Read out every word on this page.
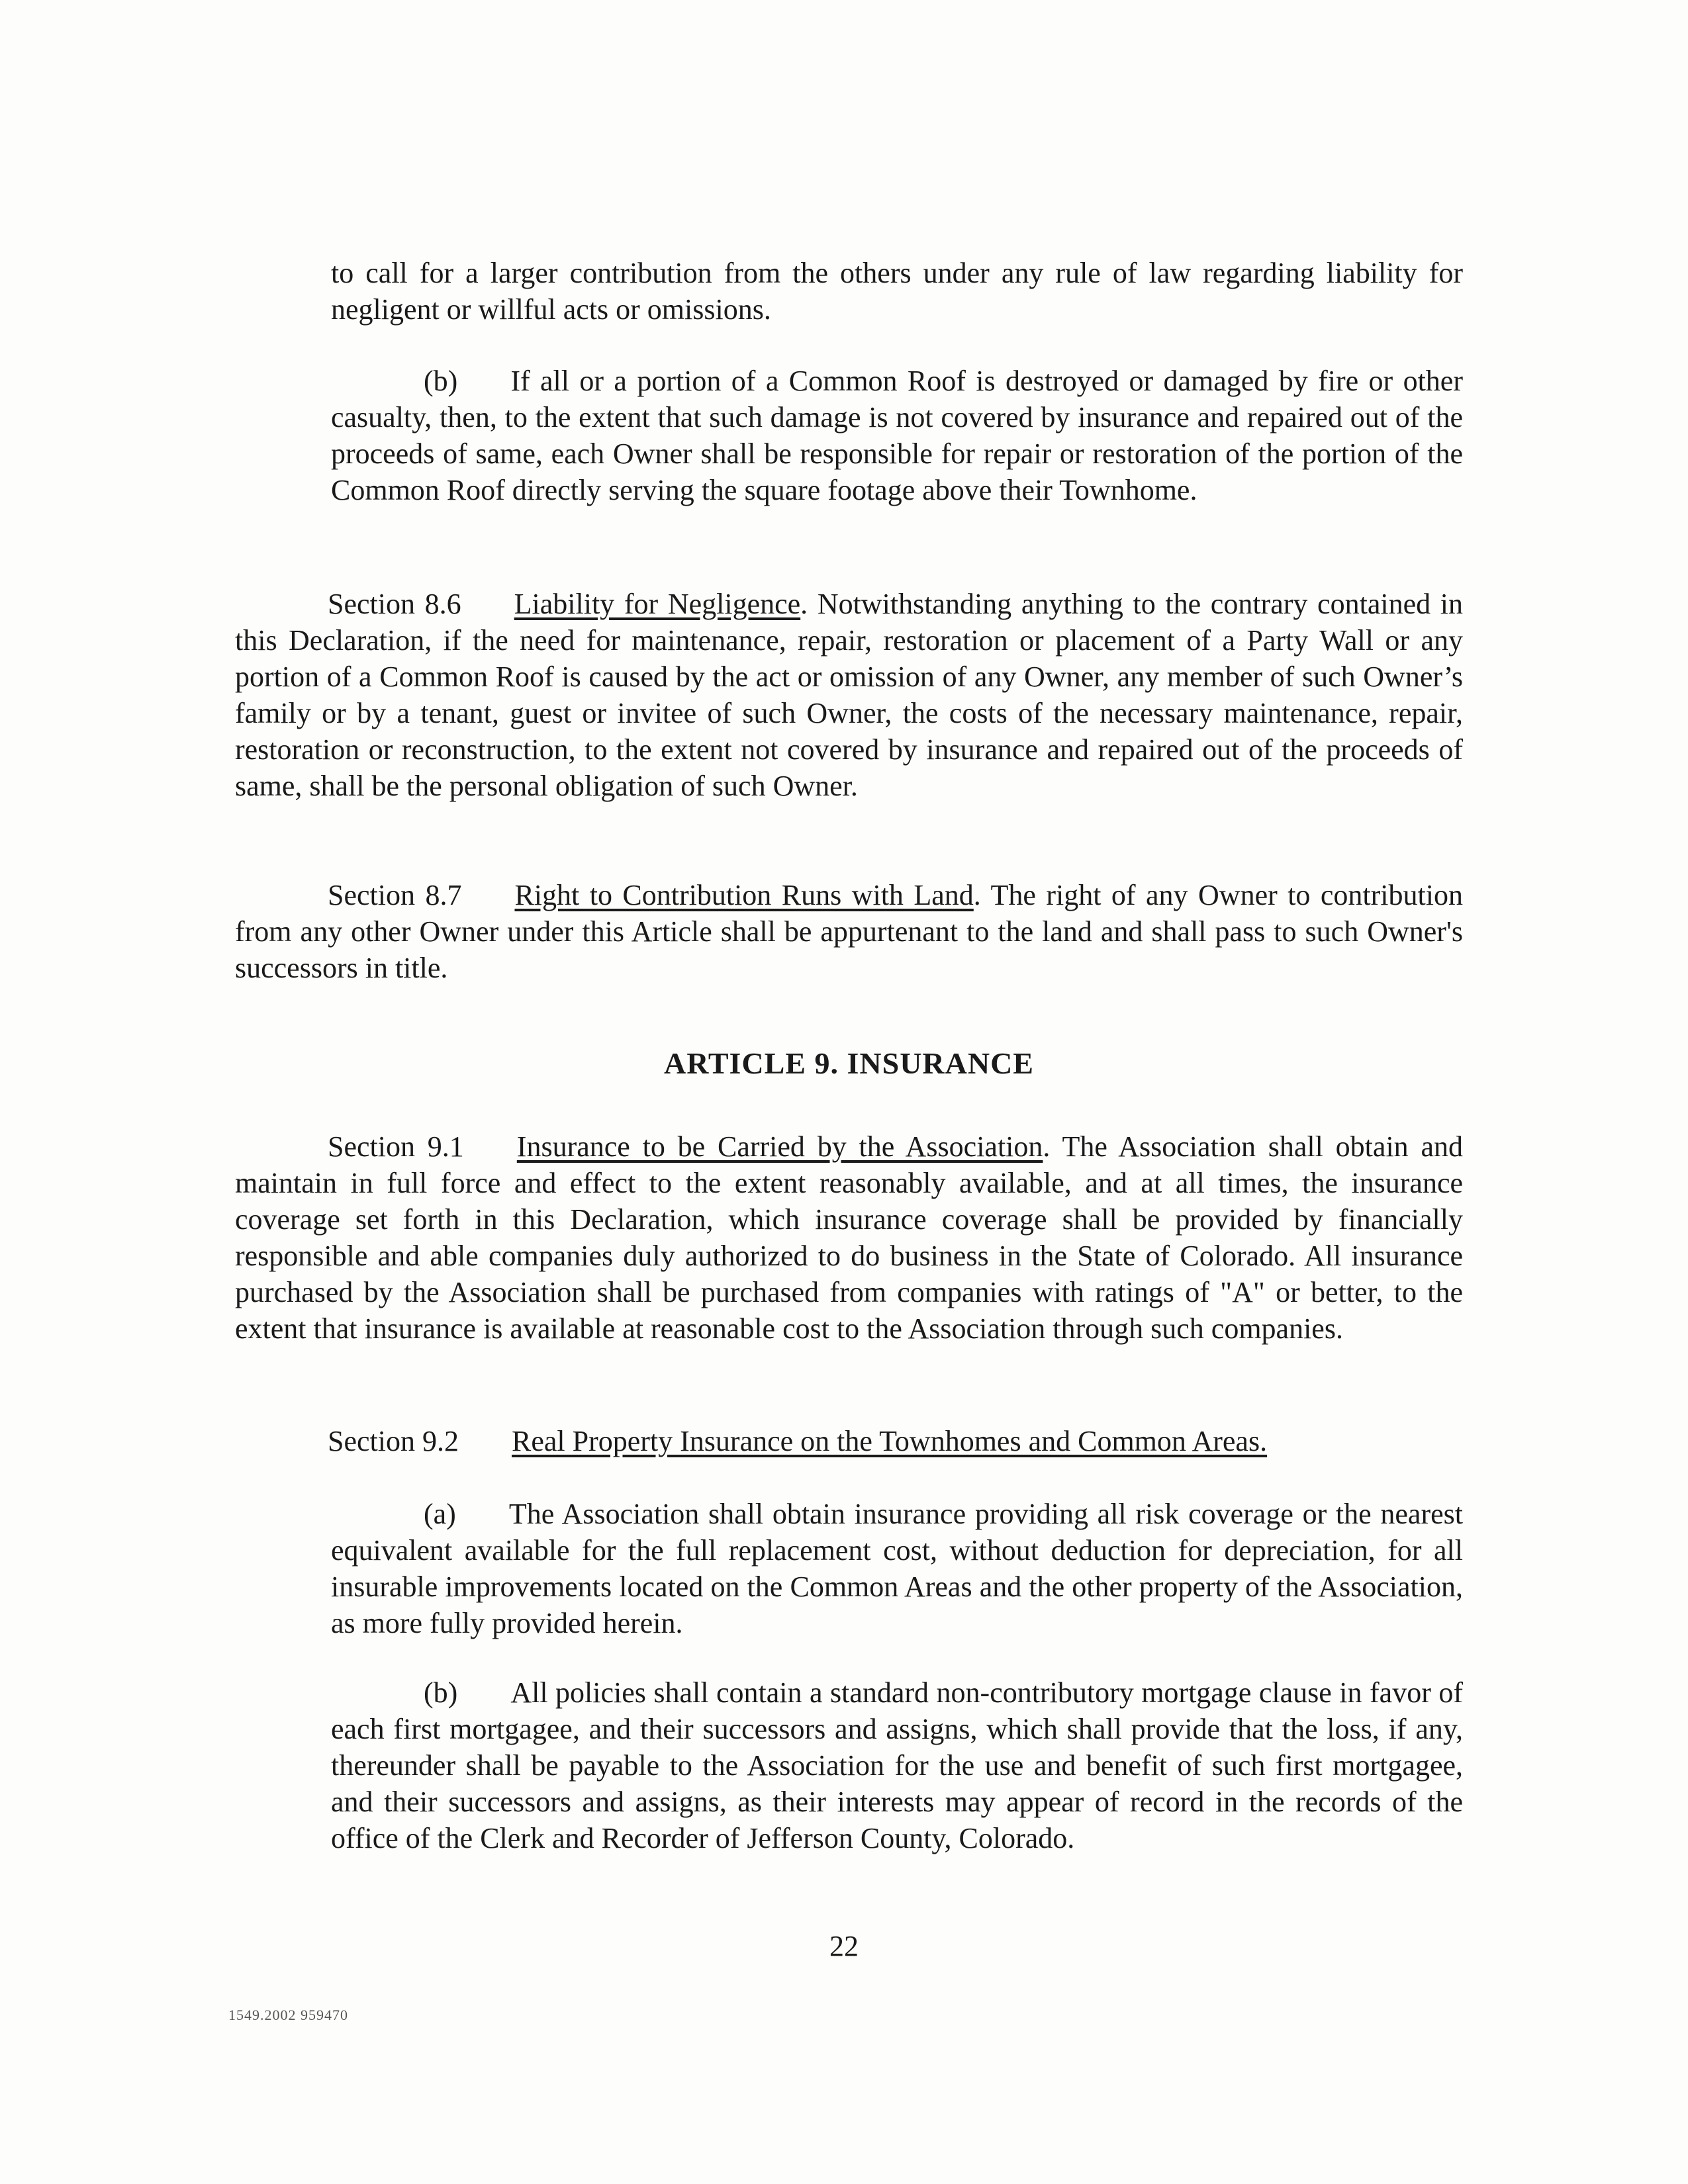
to call for a larger contribution from the others under any rule of law regarding liability for negligent or willful acts or omissions.

(b) If all or a portion of a Common Roof is destroyed or damaged by fire or other casualty, then, to the extent that such damage is not covered by insurance and repaired out of the proceeds of same, each Owner shall be responsible for repair or restoration of the portion of the Common Roof directly serving the square footage above their Townhome.

Section 8.6 Liability for Negligence. Notwithstanding anything to the contrary contained in this Declaration, if the need for maintenance, repair, restoration or placement of a Party Wall or any portion of a Common Roof is caused by the act or omission of any Owner, any member of such Owner’s family or by a tenant, guest or invitee of such Owner, the costs of the necessary maintenance, repair, restoration or reconstruction, to the extent not covered by insurance and repaired out of the proceeds of same, shall be the personal obligation of such Owner.

Section 8.7 Right to Contribution Runs with Land. The right of any Owner to contribution from any other Owner under this Article shall be appurtenant to the land and shall pass to such Owner's successors in title.

ARTICLE 9. INSURANCE

Section 9.1 Insurance to be Carried by the Association. The Association shall obtain and maintain in full force and effect to the extent reasonably available, and at all times, the insurance coverage set forth in this Declaration, which insurance coverage shall be provided by financially responsible and able companies duly authorized to do business in the State of Colorado. All insurance purchased by the Association shall be purchased from companies with ratings of "A" or better, to the extent that insurance is available at reasonable cost to the Association through such companies.

Section 9.2 Real Property Insurance on the Townhomes and Common Areas.

(a) The Association shall obtain insurance providing all risk coverage or the nearest equivalent available for the full replacement cost, without deduction for depreciation, for all insurable improvements located on the Common Areas and the other property of the Association, as more fully provided herein.

(b) All policies shall contain a standard non-contributory mortgage clause in favor of each first mortgagee, and their successors and assigns, which shall provide that the loss, if any, thereunder shall be payable to the Association for the use and benefit of such first mortgagee, and their successors and assigns, as their interests may appear of record in the records of the office of the Clerk and Recorder of Jefferson County, Colorado.

22
1549.2002 959470
